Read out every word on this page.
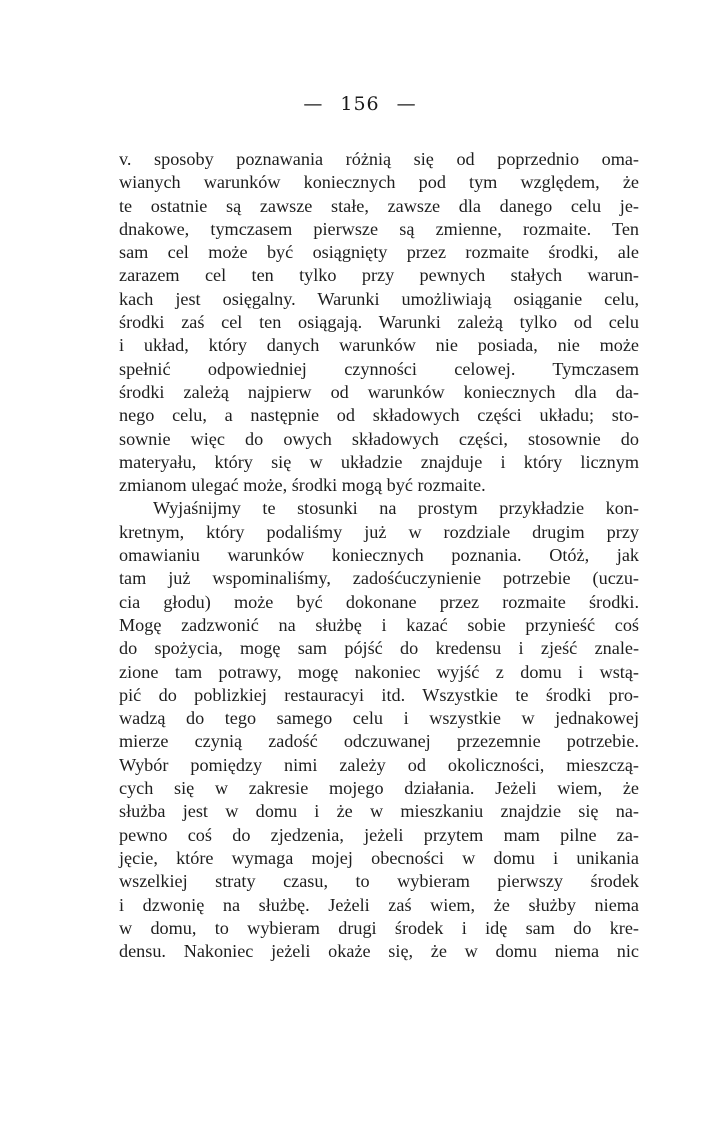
— 156 —
v. sposoby poznawania różnią się od poprzednio oma-
wianych warunków koniecznych pod tym względem, że
te ostatnie są zawsze stałe, zawsze dla danego celu je-
dnakowe, tymczasem pierwsze są zmienne, rozmaite. Ten
sam cel może być osiągnięty przez rozmaite środki, ale
zarazem cel ten tylko przy pewnych stałych warun-
kach jest osięgalny. Warunki umożliwiają osiąganie celu,
środki zaś cel ten osiągają. Warunki zależą tylko od celu
i układ, który danych warunków nie posiada, nie może
spełnić odpowiedniej czynności celowej. Tymczasem
środki zależą najpierw od warunków koniecznych dla da-
nego celu, a następnie od składowych części układu; sto-
sownie więc do owych składowych części, stosownie do
materyału, który się w układzie znajduje i który licznym
zmianom ulegać może, środki mogą być rozmaite.
Wyjaśnijmy te stosunki na prostym przykładzie kon-
kretnym, który podaliśmy już w rozdziale drugim przy
omawianiu warunków koniecznych poznania. Otóż, jak
tam już wspominaliśmy, zadośćuczynienie potrzebie (uczu-
cia głodu) może być dokonane przez rozmaite środki.
Mogę zadzwonić na służbę i kazać sobie przynieść coś
do spożycia, mogę sam pójść do kredensu i zjeść znale-
zione tam potrawy, mogę nakoniec wyjść z domu i wstą-
pić do poblizkiej restauracyi itd. Wszystkie te środki pro-
wadzą do tego samego celu i wszystkie w jednakowej
mierze czynią zadość odczuwanej przezemnie potrzebie.
Wybór pomiędzy nimi zależy od okoliczności, mieszczą-
cych się w zakresie mojego działania. Jeżeli wiem, że
służba jest w domu i że w mieszkaniu znajdzie się na-
pewno coś do zjedzenia, jeżeli przytem mam pilne za-
jęcie, które wymaga mojej obecności w domu i unikania
wszelkiej straty czasu, to wybieram pierwszy środek
i dzwonię na służbę. Jeżeli zaś wiem, że służby niema
w domu, to wybieram drugi środek i idę sam do kre-
densu. Nakoniec jeżeli okaże się, że w domu niema nic
